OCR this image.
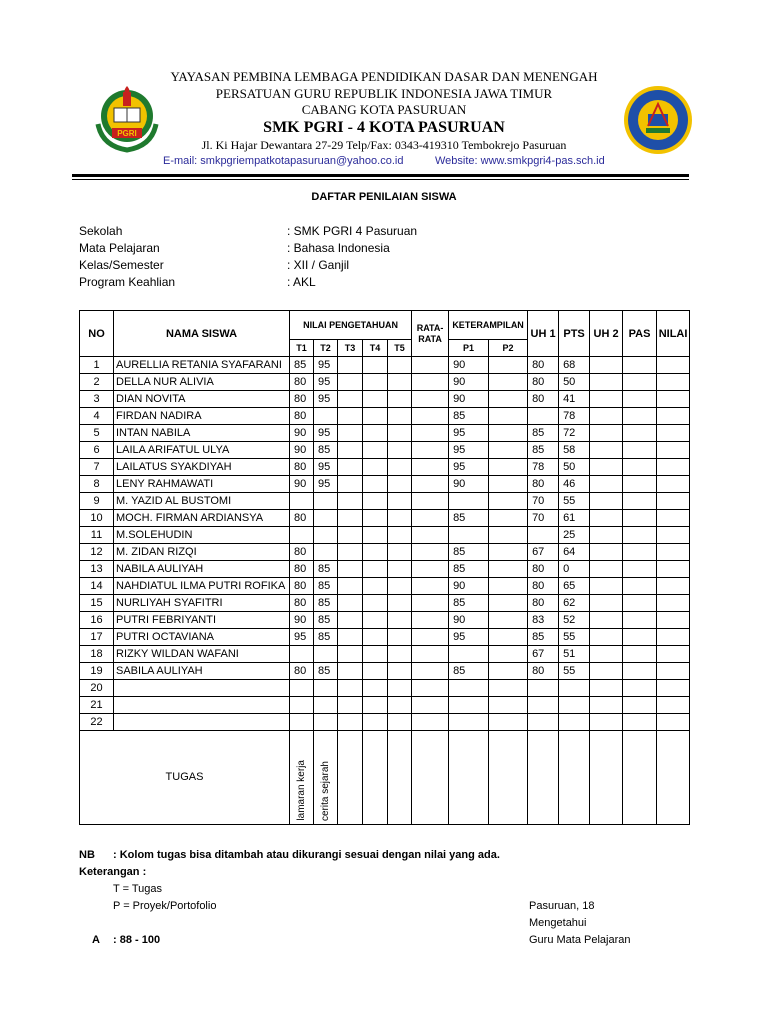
PGRI
YAYASAN PEMBINA LEMBAGA PENDIDIKAN DASAR DAN MENENGAH
PERSATUAN GURU REPUBLIK INDONESIA JAWA TIMUR
CABANG KOTA PASURUAN
SMK PGRI - 4 KOTA PASURUAN
Jl. Ki Hajar Dewantara 27-29 Telp/Fax: 0343-419310 Tembokrejo Pasuruan
E-mail: smkpgriempatkotapasuruan@yahoo.co.id	Website: www.smkpgri4-pas.sch.id
DAFTAR PENILAIAN SISWA
Sekolah	: SMK PGRI 4 Pasuruan
Mata Pelajaran	: Bahasa Indonesia
Kelas/Semester	: XII / Ganjil
Program Keahlian	: AKL
NO	NAMA SISWA	NILAI PENGETAHUAN					RATA-
RATA	KETERAMPILAN		UH 1	PTS	UH 2	PAS	NILAI
		T1	T2	T3	T4	T5		P1	P2					
1	AURELLIA RETANIA SYAFARANI	85	95					90		80	68			
2	DELLA NUR ALIVIA	80	95					90		80	50			
3	DIAN NOVITA	80	95					90		80	41			
4	FIRDAN NADIRA	80						85			78			
5	INTAN NABILA	90	95					95		85	72			
6	LAILA ARIFATUL ULYA	90	85					95		85	58			
7	LAILATUS SYAKDIYAH	80	95					95		78	50			
8	LENY RAHMAWATI	90	95					90		80	46			
9	M. YAZID AL BUSTOMI									70	55			
10	MOCH. FIRMAN ARDIANSYA	80						85		70	61			
11	M.SOLEHUDIN										25			
12	M. ZIDAN RIZQI	80						85		67	64			
13	NABILA AULIYAH	80	85					85		80	0			
14	NAHDIATUL ILMA PUTRI ROFIKA	80	85					90		80	65			
15	NURLIYAH SYAFITRI	80	85					85		80	62			
16	PUTRI FEBRIYANTI	90	85					90		83	52			
17	PUTRI OCTAVIANA	95	85					95		85	55			
18	RIZKY WILDAN WAFANI									67	51			
19	SABILA AULIYAH	80	85					85		80	55			
20														
21														
22														
TUGAS		lamaran kerja	cerita sejarah											
NB : Kolom tugas bisa ditambah atau dikurangi sesuai dengan nilai yang ada.
Keterangan :
T = Tugas
P = Proyek/Portofolio
A : 88 - 100
Pasuruan, 18
Mengetahui
Guru Mata Pelajaran
